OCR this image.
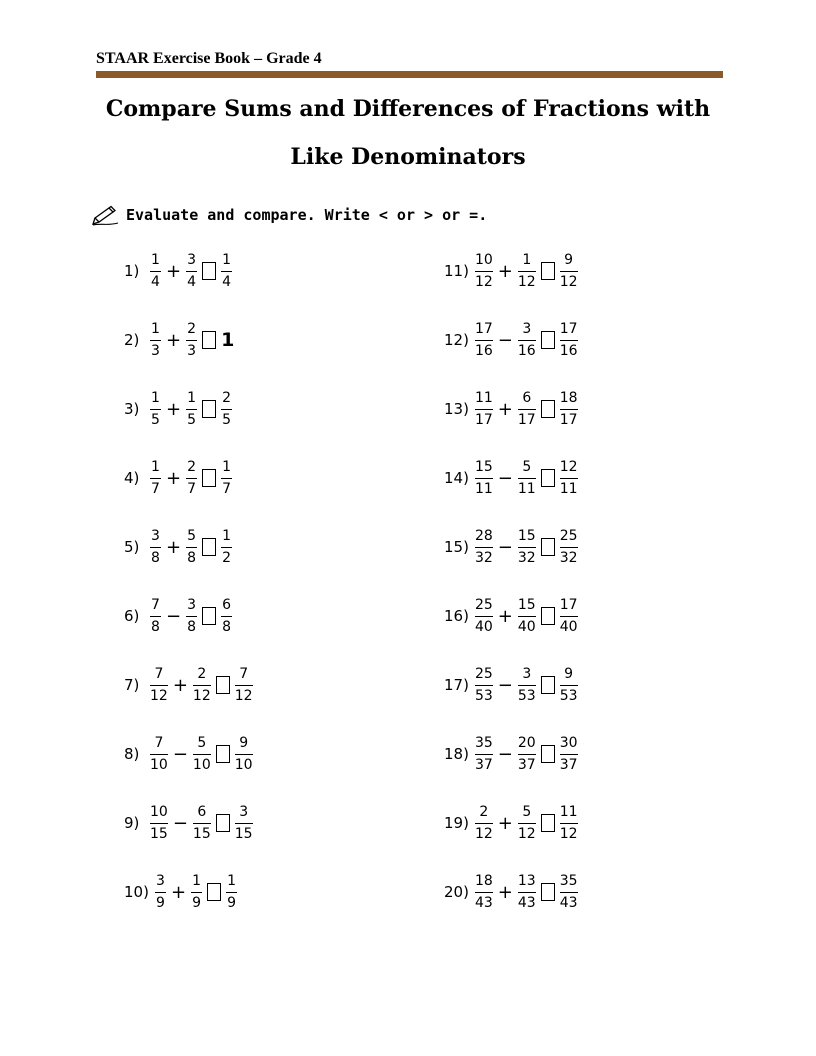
STAAR Exercise Book – Grade 4
Compare Sums and Differences of Fractions with
Like Denominators
Evaluate and compare. Write < or > or =.
$1) \frac{1}{4} + \frac{3}{4} \frac{1}{4}$
$2) \frac{1}{3} + \frac{2}{3} 1$
$3) \frac{1}{5} + \frac{1}{5} \frac{2}{5}$
$4) \frac{1}{7} + \frac{2}{7} \frac{1}{7}$
$5) \frac{3}{8} + \frac{5}{8} \frac{1}{2}$
$6) \frac{7}{8} - \frac{3}{8} \frac{6}{8}$
$7) \frac{7}{12} + \frac{2}{12} \frac{7}{12}$
$8) \frac{7}{10} - \frac{5}{10} \frac{9}{10}$
$9) \frac{10}{15} - \frac{6}{15} \frac{3}{15}$
$10) \frac{3}{9} + \frac{1}{9} \frac{1}{9}$
$11) \frac{10}{12} + \frac{1}{12} \frac{9}{12}$
$12) \frac{17}{16} - \frac{3}{16} \frac{17}{16}$
$13) \frac{11}{17} + \frac{6}{17} \frac{18}{17}$
$14) \frac{15}{11} - \frac{5}{11} \frac{12}{11}$
$15) \frac{28}{32} - \frac{15}{32} \frac{25}{32}$
$16) \frac{25}{40} + \frac{15}{40} \frac{17}{40}$
$17) \frac{25}{53} - \frac{3}{53} \frac{9}{53}$
$18) \frac{35}{37} - \frac{20}{37} \frac{30}{37}$
$19) \frac{2}{12} + \frac{5}{12} \frac{11}{12}$
$20) \frac{18}{43} + \frac{13}{43} \frac{35}{43}$
